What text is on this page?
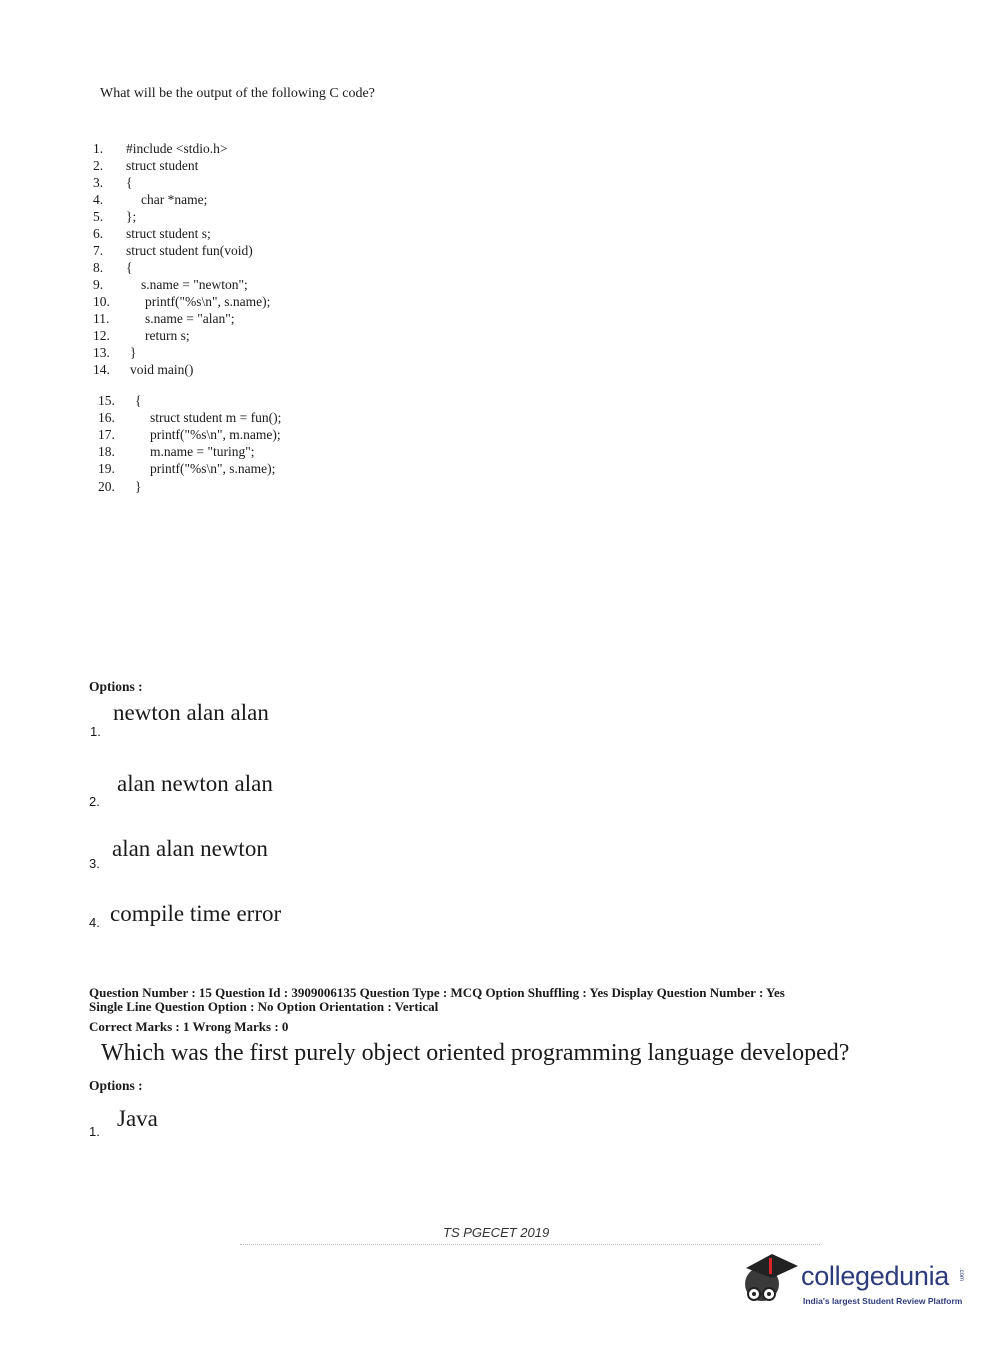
What will be the output of the following C code?
1. #include <stdio.h>
2. struct student
3. {
4.	char *name;
5. };
6. struct student s;
7. struct student fun(void)
8. {
9.	s.name = "newton";
10.	printf("%s\n", s.name);
11.	s.name = "alan";
12.	return s;
13. }
14. void main()
15. {
16.	struct student m = fun();
17.	printf("%s\n", m.name);
18.	m.name = "turing";
19.	printf("%s\n", s.name);
20. }
Options :
newton alan alan
1.
alan newton alan
2.
alan alan newton
3.
4. compile time error
Question Number : 15 Question Id : 3909006135 Question Type : MCQ Option Shuffling : Yes Display Question Number : Yes
Single Line Question Option : No Option Orientation : Vertical
Correct Marks : 1 Wrong Marks : 0
Which was the first purely object oriented programming language developed?
Options :
Java
1.
TS PGECET 2019
collegedunia .com
India's largest Student Review Platform
